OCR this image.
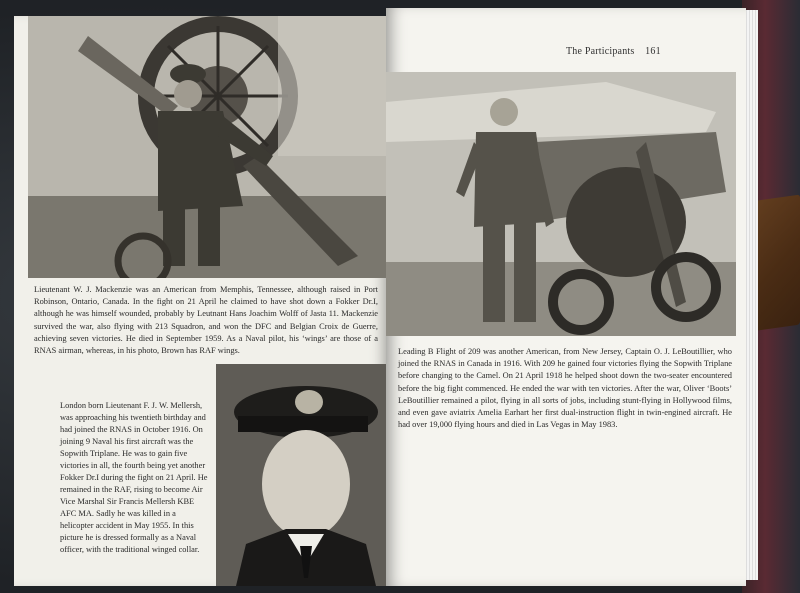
Lieutenant W. J. Mackenzie was an American from Memphis, Tennessee, although raised in Port Robinson, Ontario, Canada. In the fight on 21 April he claimed to have shot down a Fokker Dr.I, although he was himself wounded, probably by Leutnant Hans Joachim Wolff of Jasta 11. Mackenzie survived the war, also flying with 213 Squadron, and won the DFC and Belgian Croix de Guerre, achieving seven victories. He died in September 1959. As a Naval pilot, his ‘wings’ are those of a RNAS airman, whereas, in his photo, Brown has RAF wings.
London born Lieutenant F. J. W. Mellersh, was approaching his twentieth birthday and had joined the RNAS in October 1916. On joining 9 Naval his first aircraft was the Sopwith Triplane. He was to gain five victories in all, the fourth being yet another Fokker Dr.I during the fight on 21 April. He remained in the RAF, rising to become Air Vice Marshal Sir Francis Mellersh KBE AFC MA. Sadly he was killed in a helicopter accident in May 1955. In this picture he is dressed formally as a Naval officer, with the traditional winged collar.
The Participants 161
Leading B Flight of 209 was another American, from New Jersey, Captain O. J. LeBoutillier, who joined the RNAS in Canada in 1916. With 209 he gained four victories flying the Sopwith Triplane before changing to the Camel. On 21 April 1918 he helped shoot down the two-seater encountered before the big fight commenced. He ended the war with ten victories. After the war, Oliver ‘Boots’ LeBoutillier remained a pilot, flying in all sorts of jobs, including stunt-flying in Hollywood films, and even gave aviatrix Amelia Earhart her first dual-instruction flight in twin-engined aircraft. He had over 19,000 flying hours and died in Las Vegas in May 1983.
